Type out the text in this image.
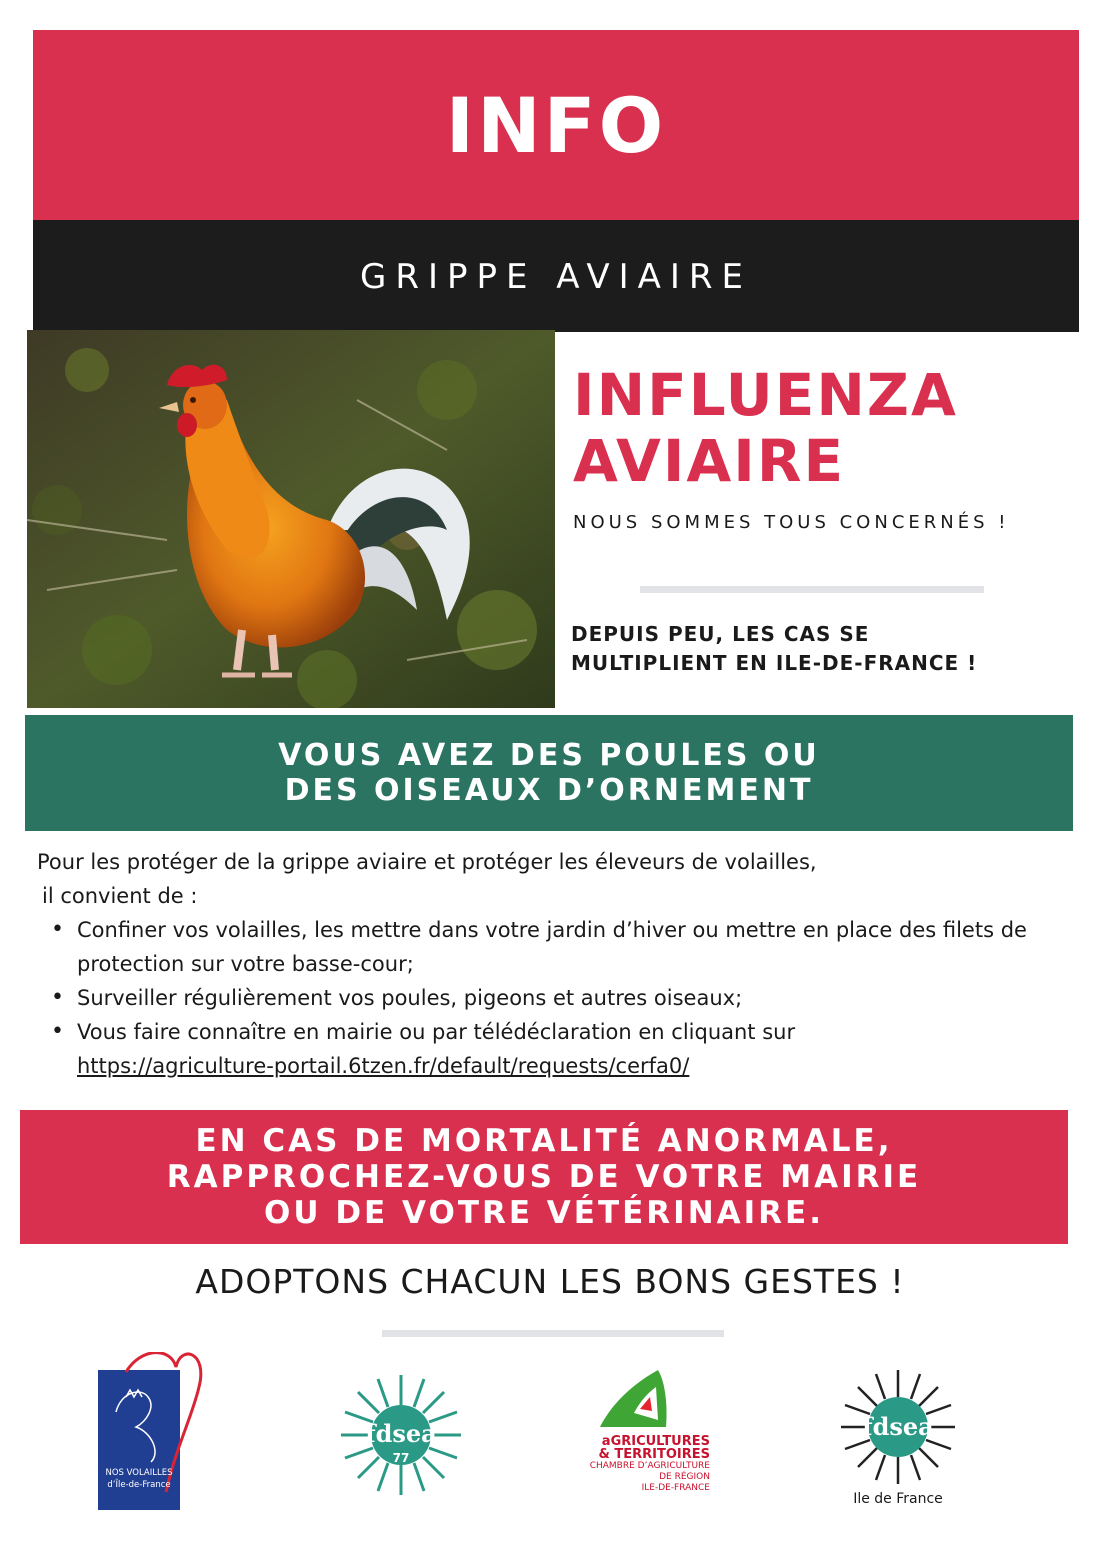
INFO
GRIPPE AVIAIRE
INFLUENZA
AVIAIRE
NOUS SOMMES TOUS CONCERNÉS !
DEPUIS PEU, LES CAS SE
MULTIPLIENT EN ILE-DE-FRANCE !
VOUS AVEZ DES POULES OU
DES OISEAUX D’ORNEMENT
Pour les protéger de la grippe aviaire et protéger les éleveurs de volailles,
il convient de :
• Confiner vos volailles, les mettre dans votre jardin d’hiver ou mettre en place des filets de protection sur votre basse-cour;
• Surveiller régulièrement vos poules, pigeons et autres oiseaux;
• Vous faire connaître en mairie ou par télédéclaration en cliquant sur
https://agriculture-portail.6tzen.fr/default/requests/cerfa0/
EN CAS DE MORTALITÉ ANORMALE,
RAPPROCHEZ-VOUS DE VOTRE MAIRIE
OU DE VOTRE VÉTÉRINAIRE.
ADOPTONS CHACUN LES BONS GESTES !
NOS VOLAILLES
d’Île-de-France
fdsea
77
aGRICULTURES
& TERRITOIRES
CHAMBRE D’AGRICULTURE
DE RÉGION
ILE-DE-FRANCE
fdsea
Ile de France
